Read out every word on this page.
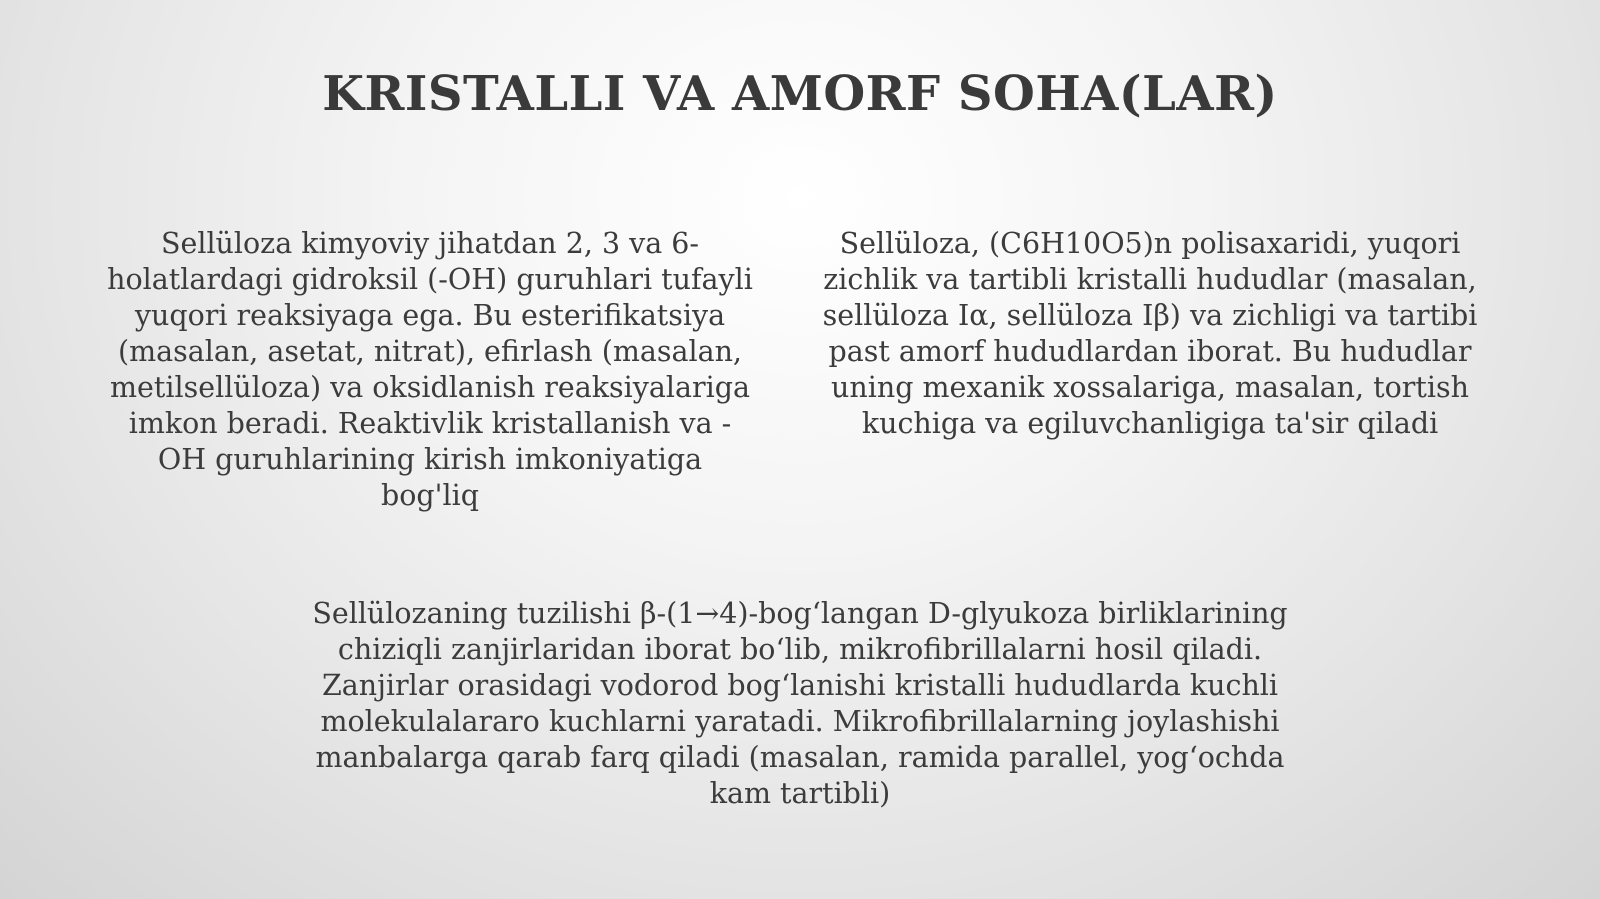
KRISTALLI VA AMORF SOHA(LAR)
Sellüloza kimyoviy jihatdan 2, 3 va 6-holatlardagi gidroksil (-OH) guruhlari tufayli yuqori reaksiyaga ega. Bu esterifikatsiya (masalan, asetat, nitrat), efirlash (masalan, metilsellüloza) va oksidlanish reaksiyalariga imkon beradi. Reaktivlik kristallanish va -OH guruhlarining kirish imkoniyatiga bog'liq
Sellüloza, (C6H10O5)n polisaxaridi, yuqori zichlik va tartibli kristalli hududlar (masalan, sellüloza Iα, sellüloza Iβ) va zichligi va tartibi past amorf hududlardan iborat. Bu hududlar uning mexanik xossalariga, masalan, tortish kuchiga va egiluvchanligiga ta'sir qiladi
Sellülozaning tuzilishi β-(1→4)-bog‘langan D-glyukoza birliklarining chiziqli zanjirlaridan iborat bo‘lib, mikrofibrillalarni hosil qiladi. Zanjirlar orasidagi vodorod bog‘lanishi kristalli hududlarda kuchli molekulalararo kuchlarni yaratadi. Mikrofibrillalarning joylashishi manbalarga qarab farq qiladi (masalan, ramida parallel, yog‘ochda kam tartibli)
